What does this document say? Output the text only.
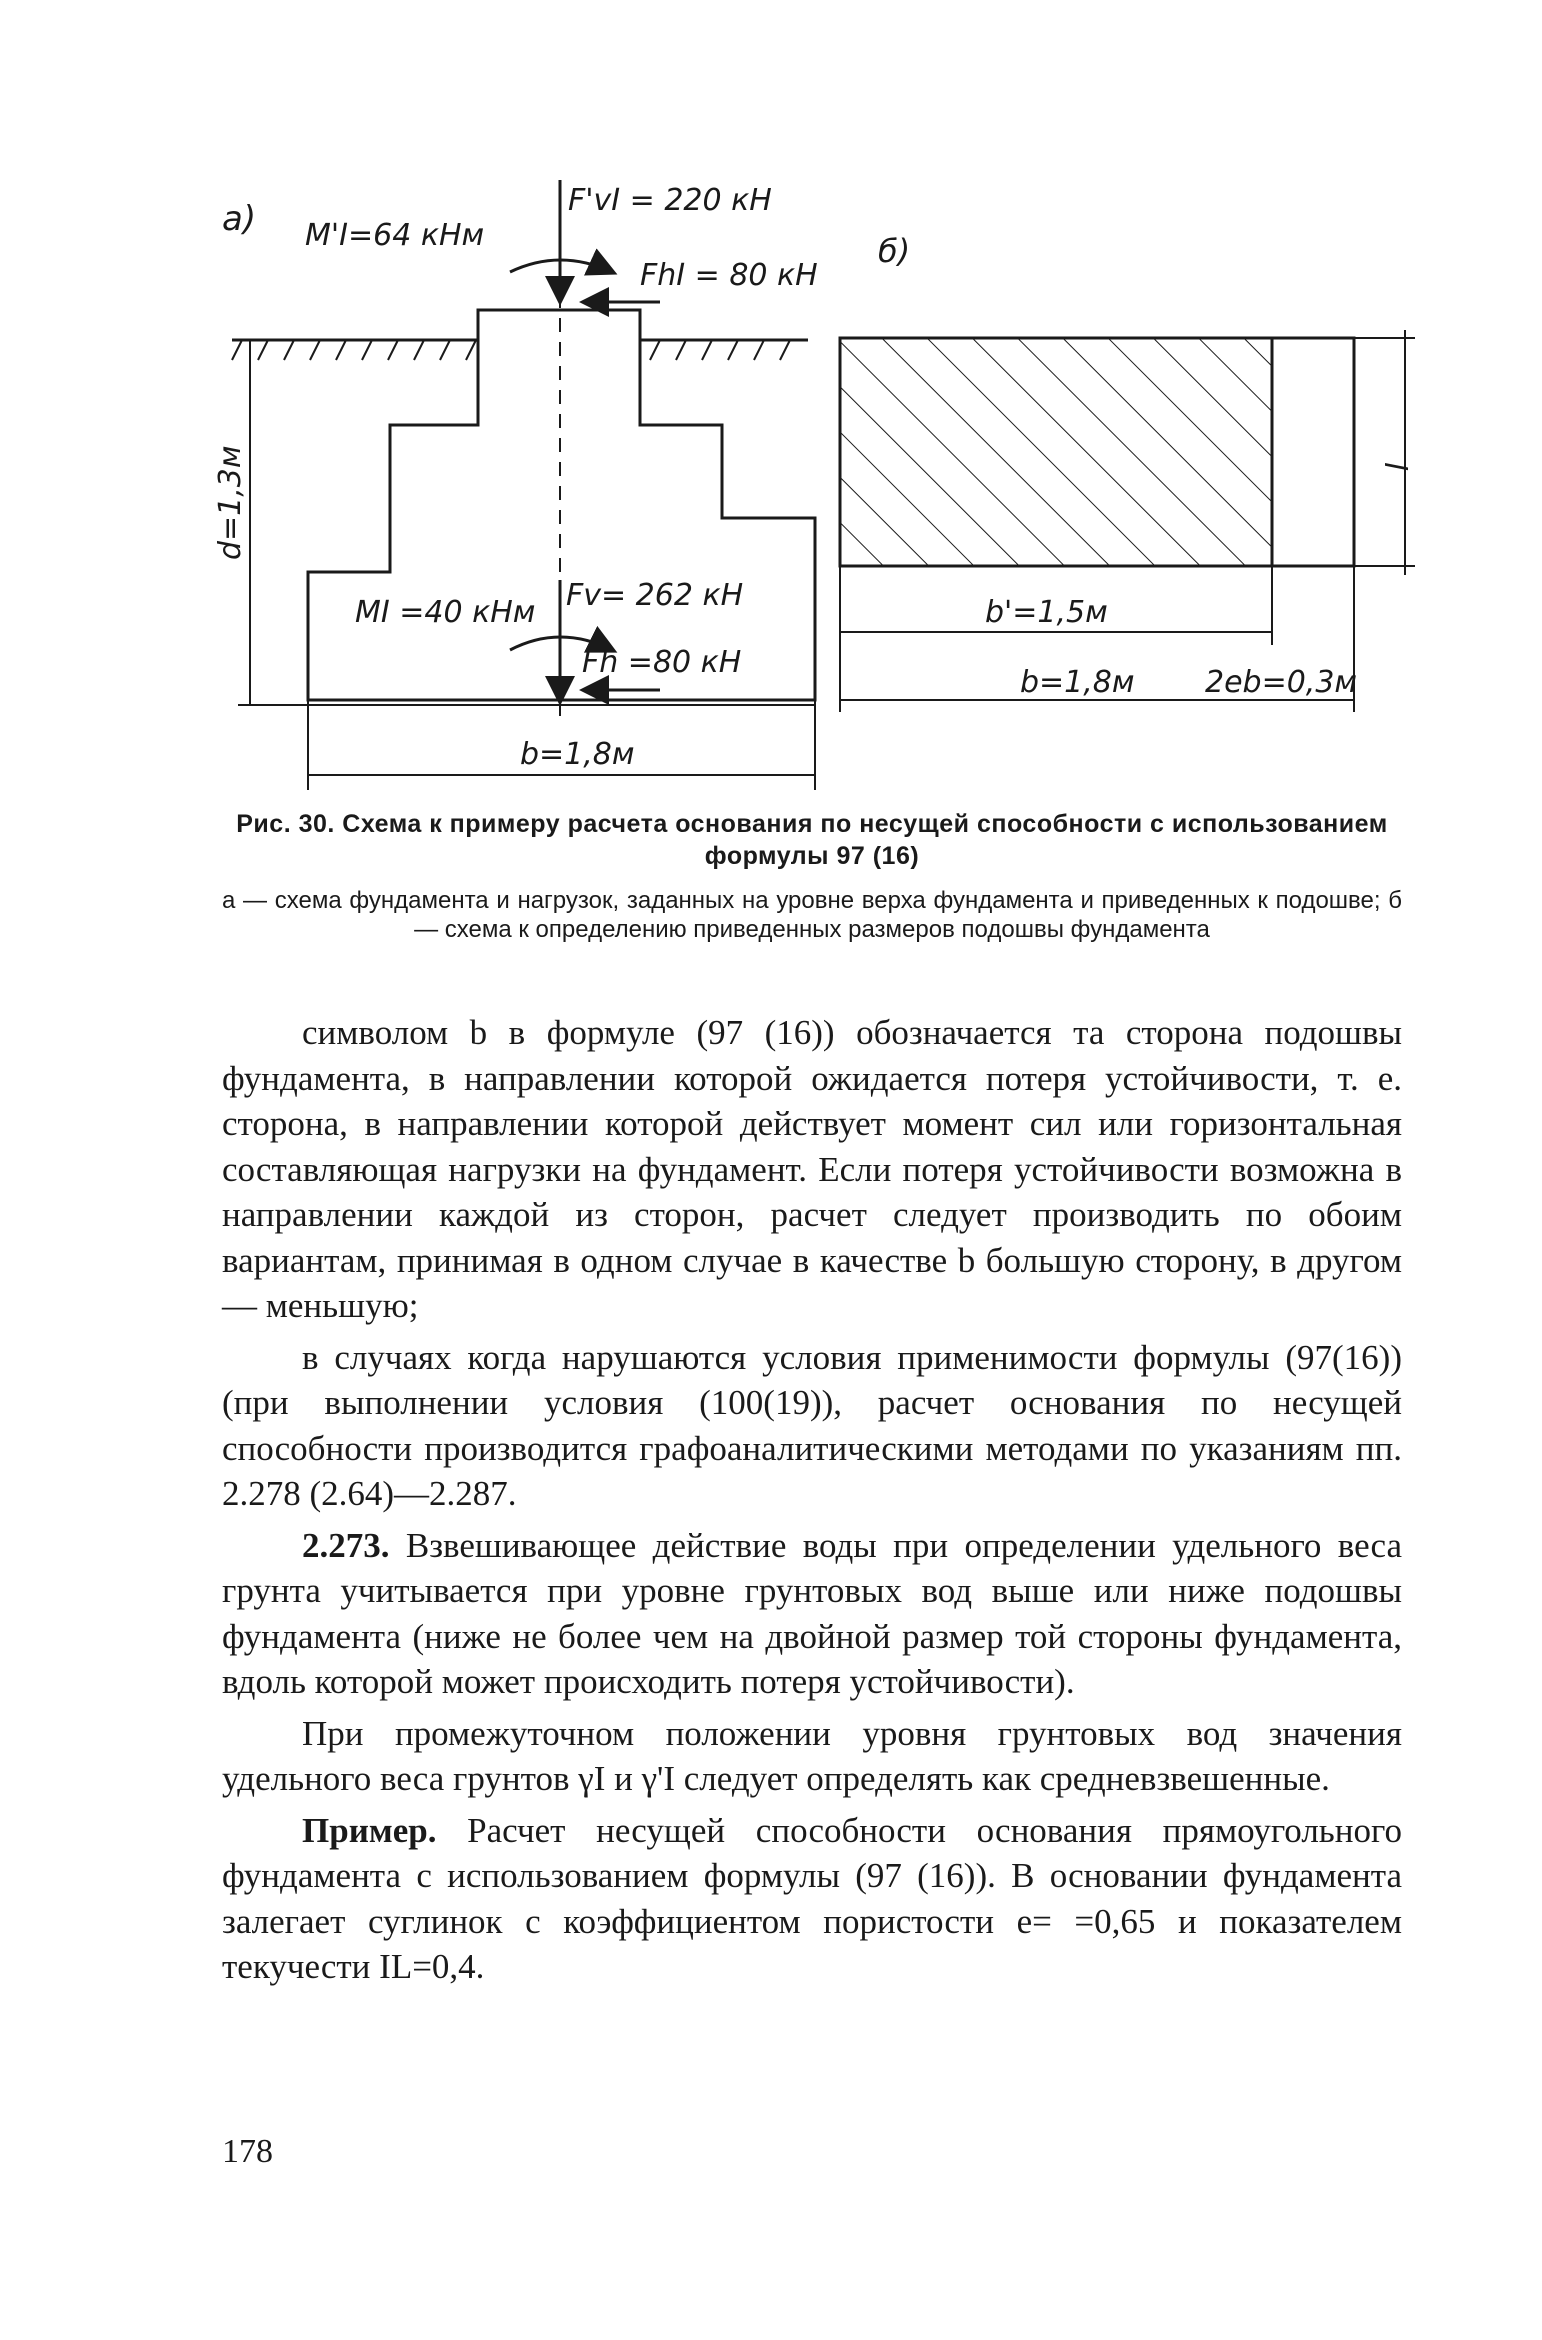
а) M'I=64 кНм
F'vI = 220 кН
FhI = 80 кН
MI =40 кНм Fv= 262 кН
Fh =80 кН
d=1,3м
b=1,8м
б)
l
b'=1,5м
b=1,8м 2eb=0,3м
Рис. 30. Схема к примеру расчета основания по несущей способности с использованием формулы 97 (16)
а — схема фундамента и нагрузок, заданных на уровне верха фундамента и приведенных к подошве; б — схема к определению приведенных размеров подошвы фундамента

символом b в формуле (97 (16)) обозначается та сторона подошвы фундамента, в направлении которой ожидается потеря устойчивости, т. е. сторона, в направлении которой действует момент сил или горизонтальная составляющая нагрузки на фундамент. Если потеря устойчивости возможна в направлении каждой из сторон, расчет следует производить по обоим вариантам, принимая в одном случае в качестве b большую сторону, в другом — меньшую;

в случаях когда нарушаются условия применимости формулы (97(16)) (при выполнении условия (100(19)), расчет основания по несущей способности производится графоаналитическими методами по указаниям пп. 2.278 (2.64)—2.287.

2.273. Взвешивающее действие воды при определении удельного веса грунта учитывается при уровне грунтовых вод выше или ниже подошвы фундамента (ниже не более чем на двойной размер той стороны фундамента, вдоль которой может происходить потеря устойчивости).

При промежуточном положении уровня грунтовых вод значения удельного веса грунтов γI и γ'I следует определять как средневзвешенные.

Пример. Расчет несущей способности основания прямоугольного фундамента с использованием формулы (97 (16)). В основании фундамента залегает суглинок с коэффициентом пористости e= =0,65 и показателем текучести IL=0,4.

178
